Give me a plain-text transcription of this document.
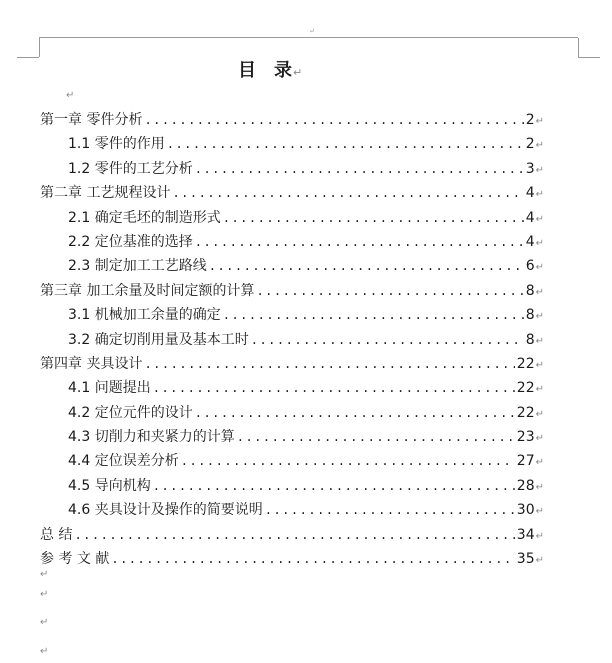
↵
目　录↵
↵
第一章 零件分析 .....	2↵
1.1 零件的作用 .....	2↵
1.2 零件的工艺分析 .....	3↵
第二章 工艺规程设计 .....	4↵
2.1 确定毛坯的制造形式 .....	4↵
2.2 定位基准的选择 .....	4↵
2.3 制定加工工艺路线 .....	6↵
第三章 加工余量及时间定额的计算 .....	8↵
3.1 机械加工余量的确定 .....	8↵
3.2 确定切削用量及基本工时 .....	8↵
第四章 夹具设计 .....	22↵
4.1 问题提出 .....	22↵
4.2 定位元件的设计 .....	22↵
4.3 切削力和夹紧力的计算 .....	23↵
4.4 定位误差分析 .....	27↵
4.5 导向机构 .....	28↵
4.6 夹具设计及操作的简要说明 .....	30↵
总 结 .....	34↵
参 考 文 献 .....	35↵
↵
↵
↵
↵
